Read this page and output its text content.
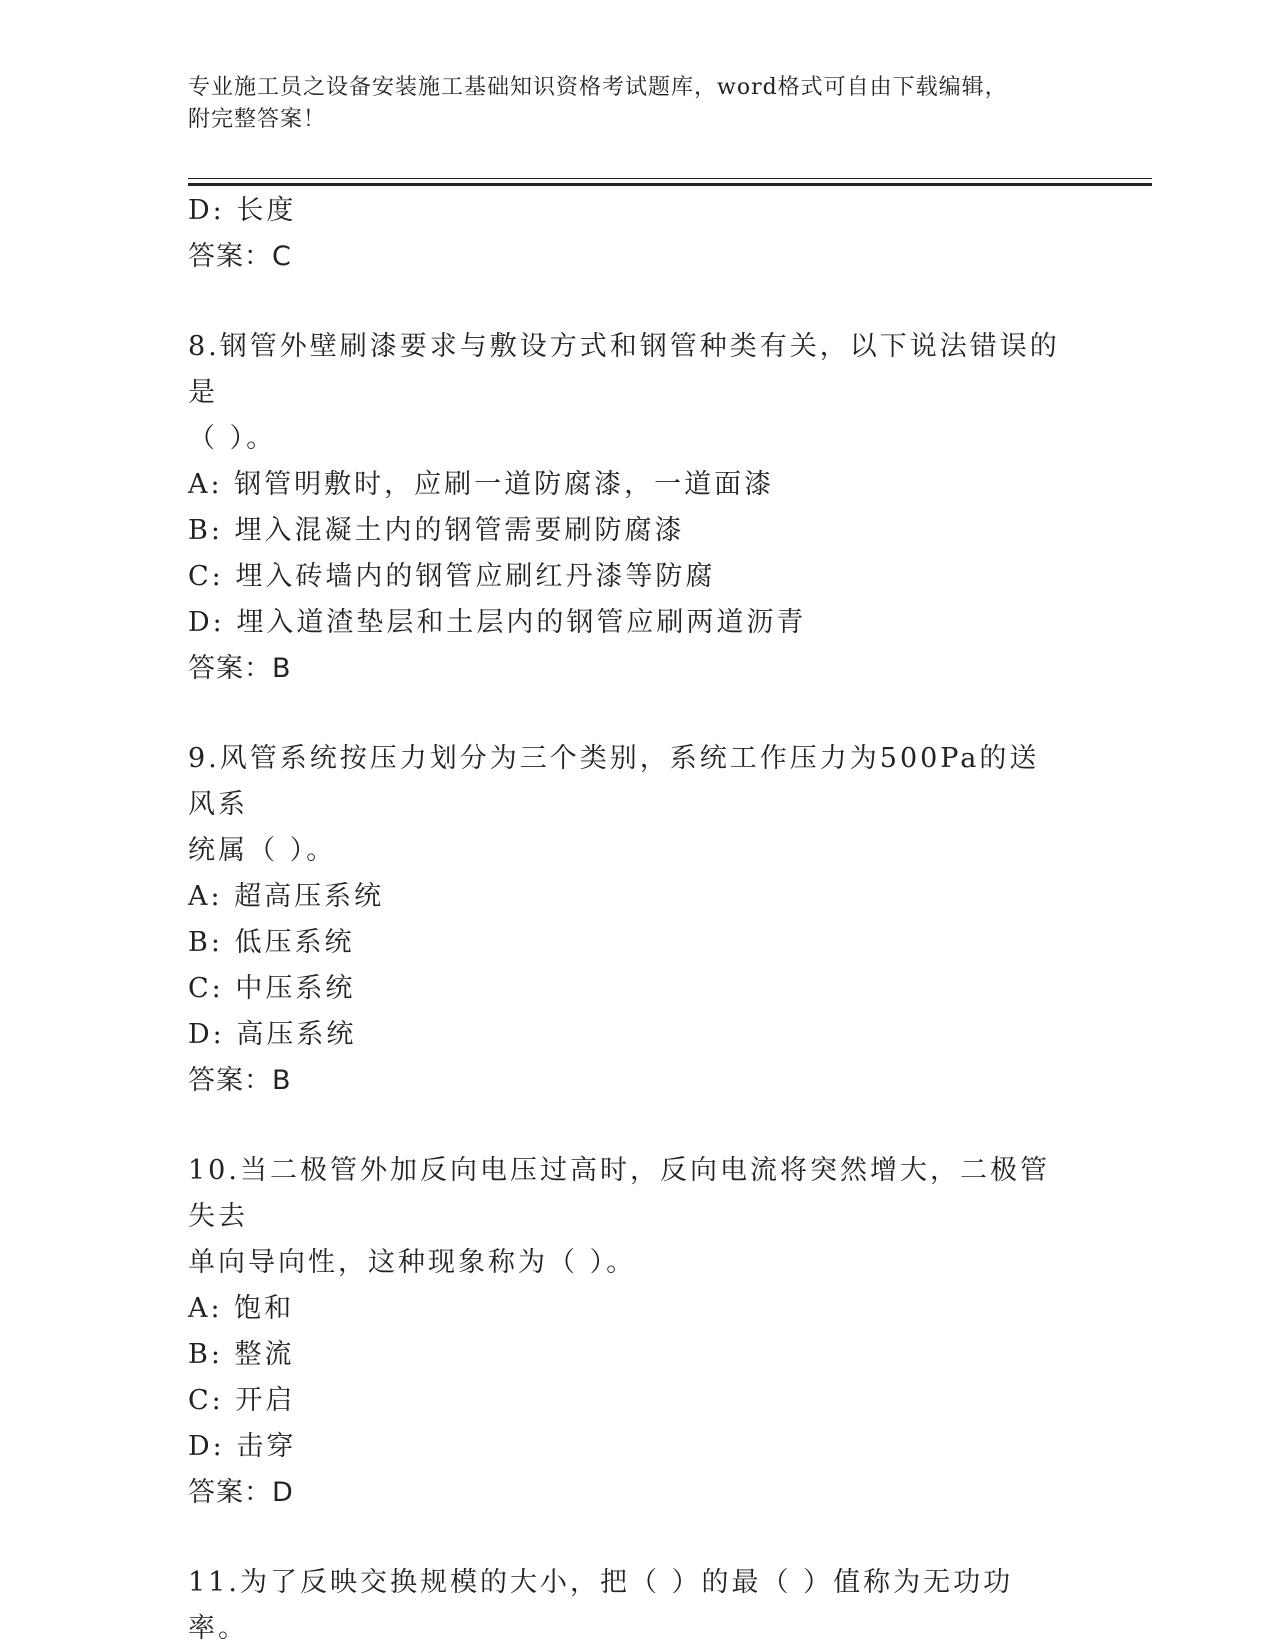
专业施工员之设备安装施工基础知识资格考试题库，word格式可自由下载编辑，
附完整答案！
D: 长度
答案：C
8.钢管外壁刷漆要求与敷设方式和钢管种类有关，以下说法错误的是
（ ）。
A: 钢管明敷时，应刷一道防腐漆，一道面漆
B: 埋入混凝土内的钢管需要刷防腐漆
C: 埋入砖墙内的钢管应刷红丹漆等防腐
D: 埋入道渣垫层和土层内的钢管应刷两道沥青
答案：B
9.风管系统按压力划分为三个类别，系统工作压力为500Pa的送风系
统属（ ）。
A: 超高压系统
B: 低压系统
C: 中压系统
D: 高压系统
答案：B
10.当二极管外加反向电压过高时，反向电流将突然增大，二极管失去
单向导向性，这种现象称为（ ）。
A: 饱和
B: 整流
C: 开启
D: 击穿
答案：D
11.为了反映交换规模的大小，把（ ）的最（ ）值称为无功功率。
